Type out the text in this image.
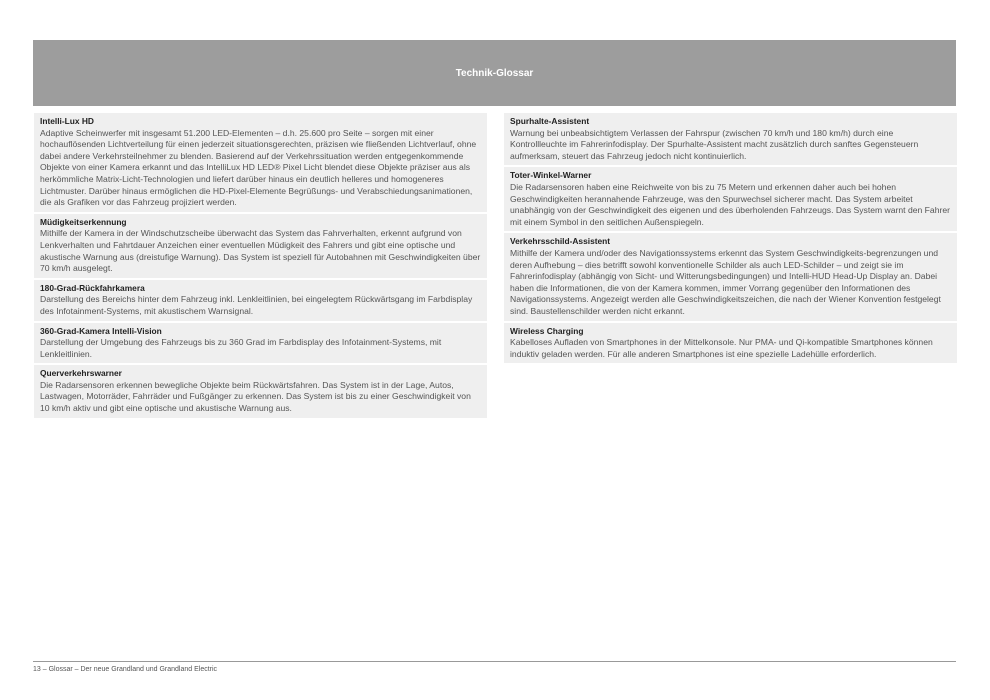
Technik-Glossar
Intelli-Lux HD

Adaptive Scheinwerfer mit insgesamt 51.200 LED-Elementen – d.h. 25.600 pro Seite – sorgen mit einer hochauflösenden Lichtverteilung für einen jederzeit situationsgerechten, präzisen wie fließenden Lichtverlauf, ohne dabei andere Verkehrsteilnehmer zu blenden. Basierend auf der Verkehrssituation werden entgegenkommende Objekte von einer Kamera erkannt und das IntelliLux HD LED® Pixel Licht blendet diese Objekte präziser aus als herkömmliche Matrix-Licht-Technologien und liefert darüber hinaus ein deutlich helleres und homogeneres Lichtmuster. Darüber hinaus ermöglichen die HD-Pixel-Elemente Begrüßungs- und Verabschiedungsanimationen, die als Grafiken vor das Fahrzeug projiziert werden.

Müdigkeitserkennung

Mithilfe der Kamera in der Windschutzscheibe überwacht das System das Fahrverhalten, erkennt aufgrund von Lenkverhalten und Fahrtdauer Anzeichen einer eventuellen Müdigkeit des Fahrers und gibt eine optische und akustische Warnung aus (dreistufige Warnung). Das System ist speziell für Autobahnen mit Geschwindigkeiten über 70 km/h ausgelegt.

180-Grad-Rückfahrkamera

Darstellung des Bereichs hinter dem Fahrzeug inkl. Lenkleitlinien, bei eingelegtem Rückwärtsgang im Farbdisplay des Infotainment-Systems, mit akustischem Warnsignal.

360-Grad-Kamera Intelli-Vision

Darstellung der Umgebung des Fahrzeugs bis zu 360 Grad im Farbdisplay des Infotainment-Systems, mit Lenkleitlinien.

Querverkehrswarner

Die Radarsensoren erkennen bewegliche Objekte beim Rückwärtsfahren. Das System ist in der Lage, Autos, Lastwagen, Motorräder, Fahrräder und Fußgänger zu erkennen. Das System ist bis zu einer Geschwindigkeit von 10 km/h aktiv und gibt eine optische und akustische Warnung aus.

Spurhalte-Assistent

Warnung bei unbeabsichtigtem Verlassen der Fahrspur (zwischen 70 km/h und 180 km/h) durch eine Kontrollleuchte im Fahrerinfodisplay. Der Spurhalte-Assistent macht zusätzlich durch sanftes Gegensteuern aufmerksam, steuert das Fahrzeug jedoch nicht kontinuierlich.

Toter-Winkel-Warner

Die Radarsensoren haben eine Reichweite von bis zu 75 Metern und erkennen daher auch bei hohen Geschwindigkeiten herannahende Fahrzeuge, was den Spurwechsel sicherer macht. Das System arbeitet unabhängig von der Geschwindigkeit des eigenen und des überholenden Fahrzeugs. Das System warnt den Fahrer mit einem Symbol in den seitlichen Außenspiegeln.

Verkehrsschild-Assistent

Mithilfe der Kamera und/oder des Navigationssystems erkennt das System Geschwindigkeits-begrenzungen und deren Aufhebung – dies betrifft sowohl konventionelle Schilder als auch LED-Schilder – und zeigt sie im Fahrerinfodisplay (abhängig von Sicht- und Witterungsbedingungen) und Intelli-HUD Head-Up Display an. Dabei haben die Informationen, die von der Kamera kommen, immer Vorrang gegenüber den Informationen des Navigationssystems. Angezeigt werden alle Geschwindigkeitszeichen, die nach der Wiener Konvention festgelegt sind. Baustellenschilder werden nicht erkannt.

Wireless Charging

Kabelloses Aufladen von Smartphones in der Mittelkonsole. Nur PMA- und Qi-kompatible Smartphones können induktiv geladen werden. Für alle anderen Smartphones ist eine spezielle Ladehülle erforderlich.

13 – Glossar – Der neue Grandland und Grandland Electric
